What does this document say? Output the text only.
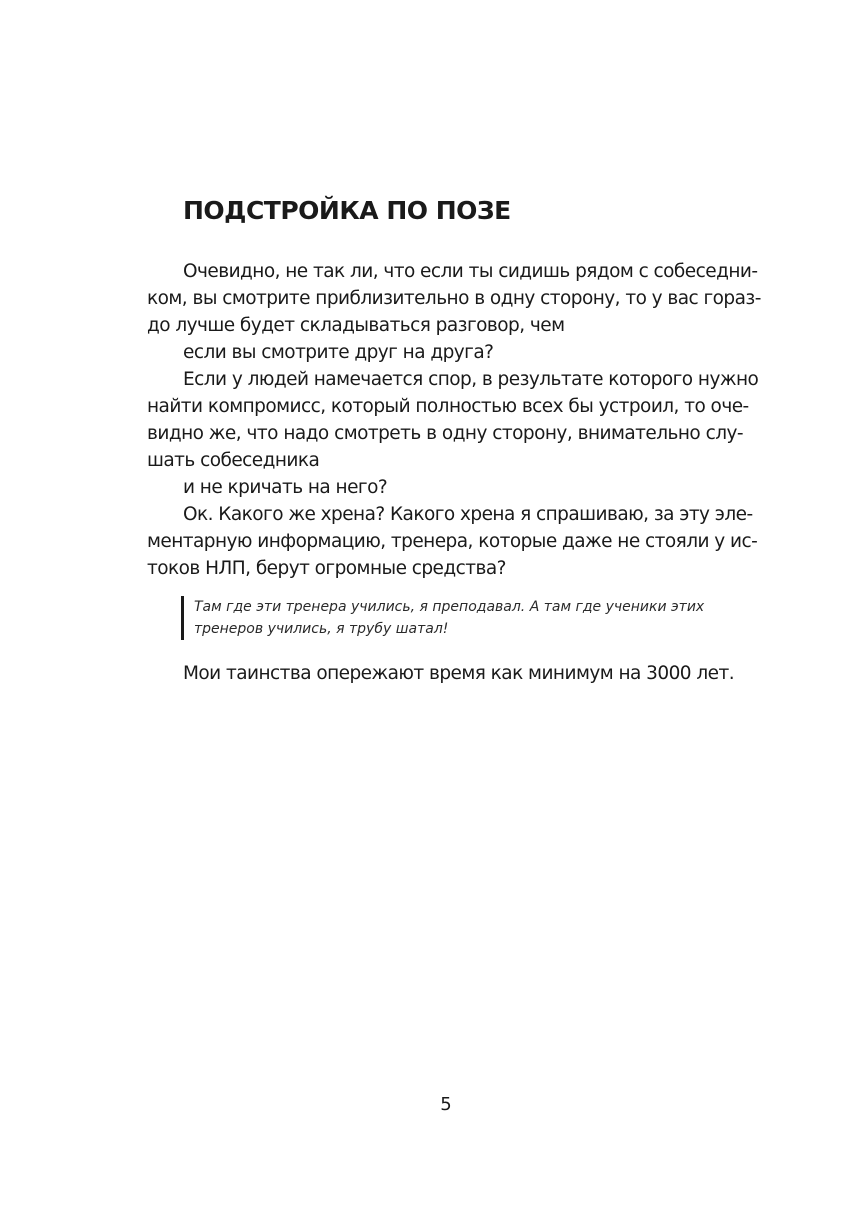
ПОДСТРОЙКА ПО ПОЗЕ
Очевидно, не так ли, что если ты сидишь рядом с собеседни-
ком, вы смотрите приблизительно в одну сторону, то у вас гораз-
до лучше будет складываться разговор, чем
если вы смотрите друг на друга?
Если у людей намечается спор, в результате которого нужно
найти компромисс, который полностью всех бы устроил, то оче-
видно же, что надо смотреть в одну сторону, внимательно слу-
шать собеседника
и не кричать на него?
Ок. Какого же хрена? Какого хрена я спрашиваю, за эту эле-
ментарную информацию, тренера, которые даже не стояли у ис-
токов НЛП, берут огромные средства?
Там где эти тренера учились, я преподавал. А там где ученики этих
тренеров учились, я трубу шатал!
Мои таинства опережают время как минимум на 3000 лет.
5
